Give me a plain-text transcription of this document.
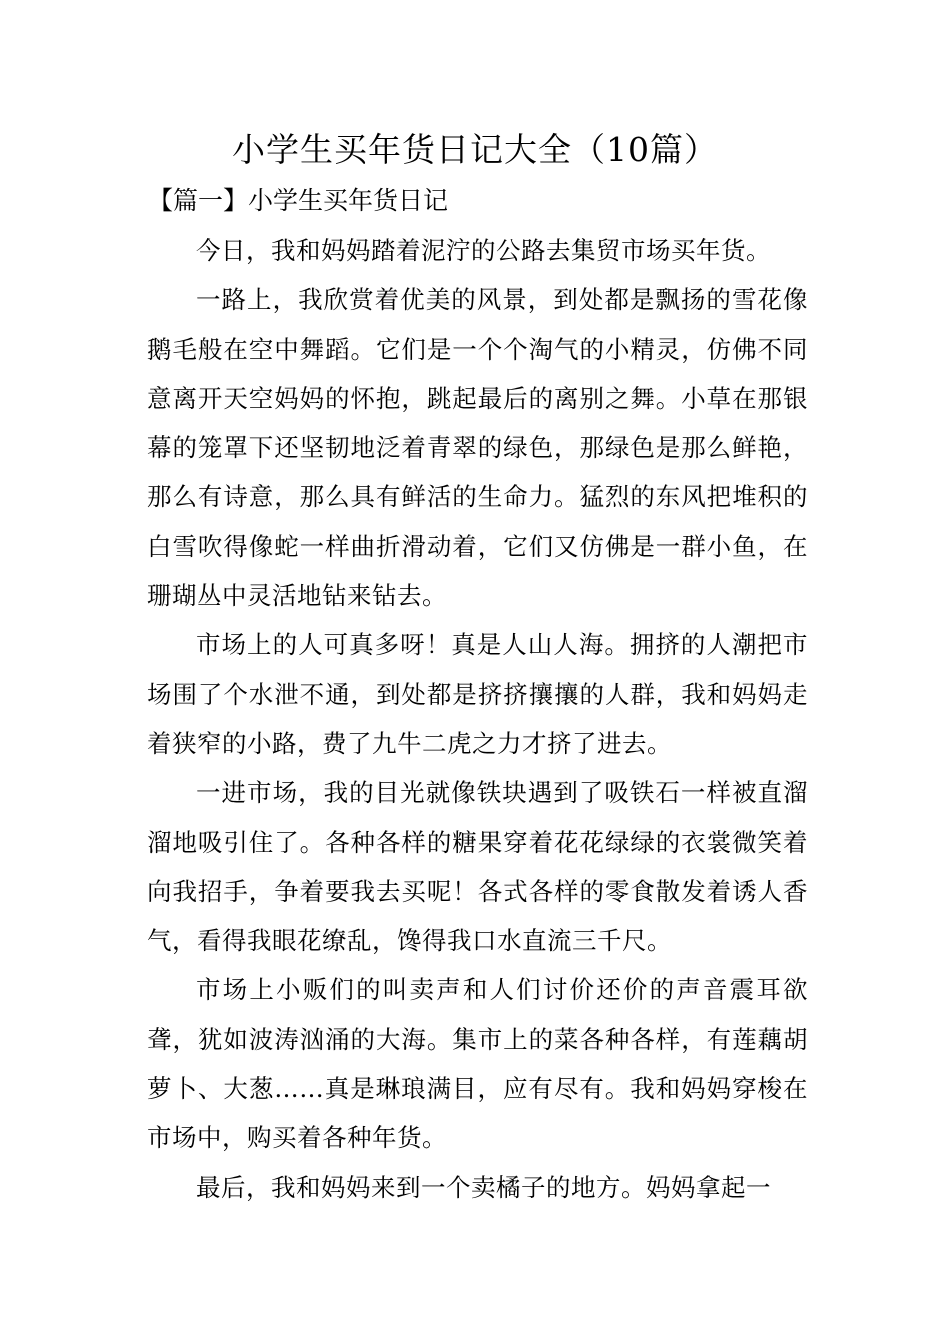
小学生买年货日记大全（10篇）
【篇一】小学生买年货日记

今日，我和妈妈踏着泥泞的公路去集贸市场买年货。

一路上，我欣赏着优美的风景，到处都是飘扬的雪花像鹅毛般在空中舞蹈。它们是一个个淘气的小精灵，仿佛不同意离开天空妈妈的怀抱，跳起最后的离别之舞。小草在那银幕的笼罩下还坚韧地泛着青翠的绿色，那绿色是那么鲜艳，那么有诗意，那么具有鲜活的生命力。猛烈的东风把堆积的白雪吹得像蛇一样曲折滑动着，它们又仿佛是一群小鱼，在珊瑚丛中灵活地钻来钻去。

市场上的人可真多呀！真是人山人海。拥挤的人潮把市场围了个水泄不通，到处都是挤挤攘攘的人群，我和妈妈走着狭窄的小路，费了九牛二虎之力才挤了进去。

一进市场，我的目光就像铁块遇到了吸铁石一样被直溜溜地吸引住了。各种各样的糖果穿着花花绿绿的衣裳微笑着向我招手，争着要我去买呢！各式各样的零食散发着诱人香气，看得我眼花缭乱，馋得我口水直流三千尺。

市场上小贩们的叫卖声和人们讨价还价的声音震耳欲聋，犹如波涛汹涌的大海。集市上的菜各种各样，有莲藕胡萝卜、大葱……真是琳琅满目，应有尽有。我和妈妈穿梭在市场中，购买着各种年货。

最后，我和妈妈来到一个卖橘子的地方。妈妈拿起一
